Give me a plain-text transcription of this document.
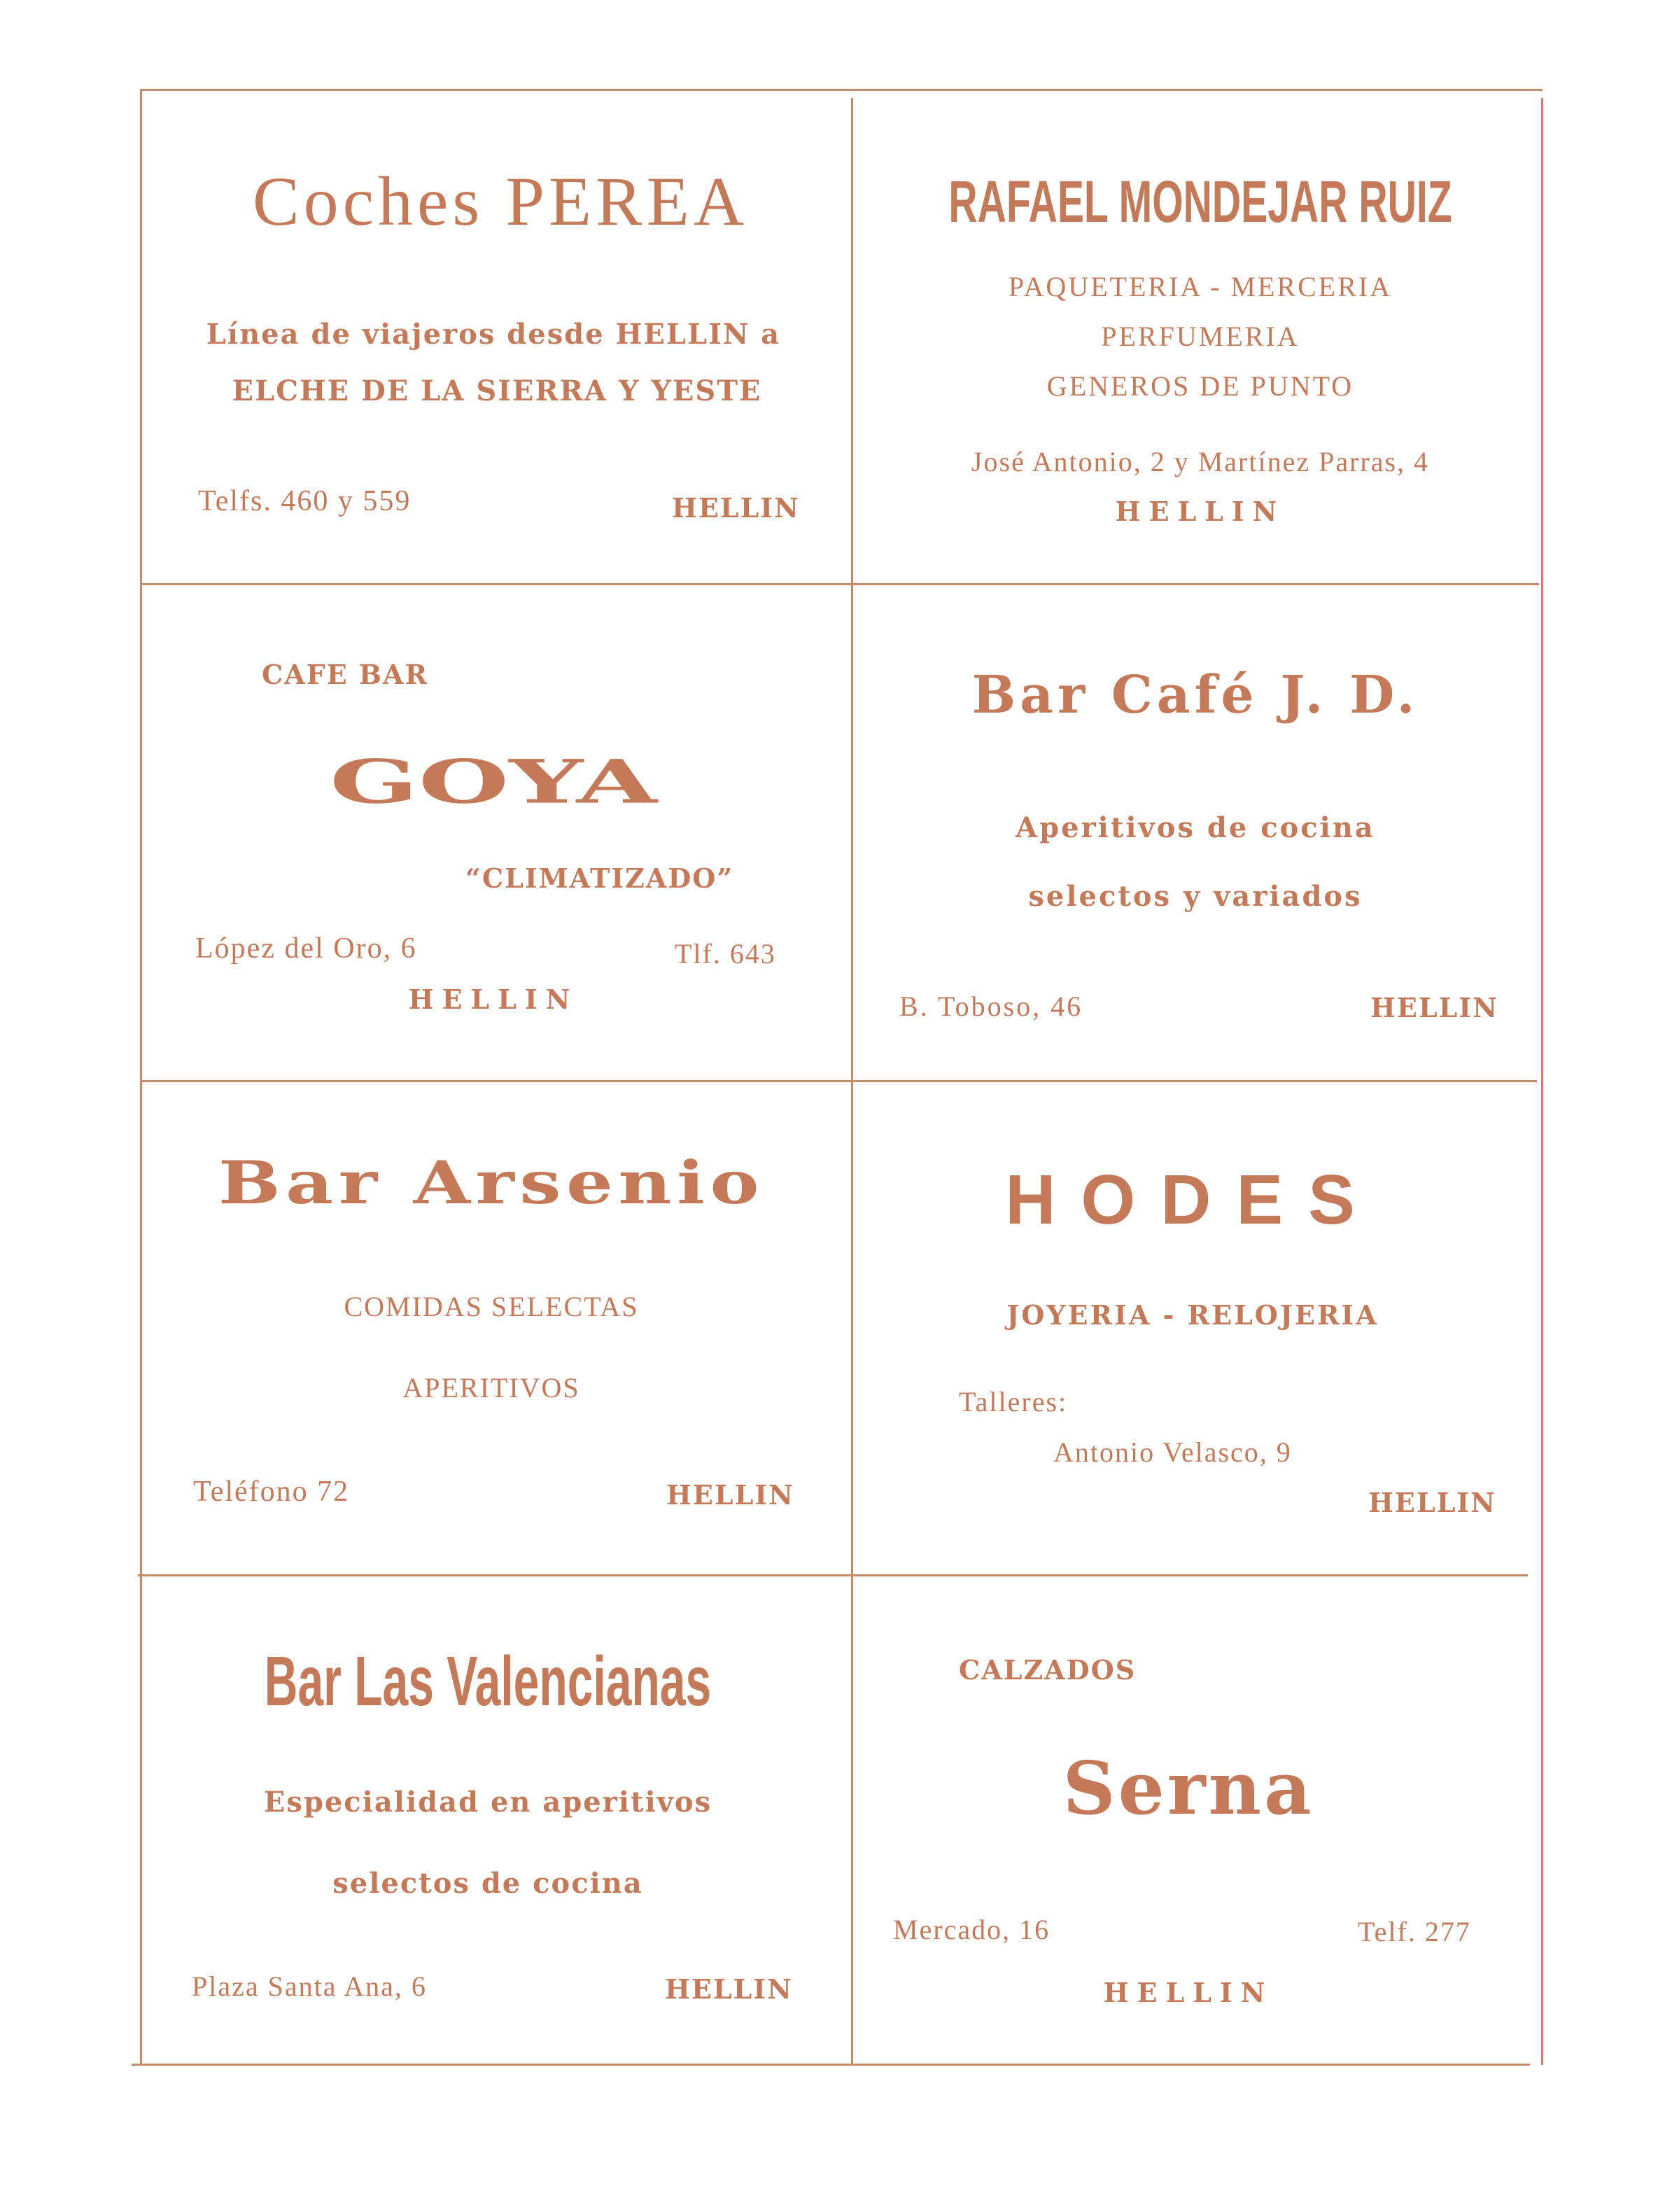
Coches PEREA
Línea de viajeros desde HELLIN a
ELCHE DE LA SIERRA Y YESTE
Telfs. 460 y 559	HELLIN
RAFAEL MONDEJAR RUIZ
PAQUETERIA - MERCERIA
PERFUMERIA
GENEROS DE PUNTO
José Antonio, 2 y Martínez Parras, 4
HELLIN
CAFE BAR
GOYA
“CLIMATIZADO”
López del Oro, 6	Tlf. 643
HELLIN
Bar Café J. D.
Aperitivos de cocina
selectos y variados
B. Toboso, 46	HELLIN
Bar Arsenio
COMIDAS SELECTAS
APERITIVOS
Teléfono 72	HELLIN
HODES
JOYERIA - RELOJERIA
Talleres:
Antonio Velasco, 9
HELLIN
Bar Las Valencianas
Especialidad en aperitivos
selectos de cocina
Plaza Santa Ana, 6	HELLIN
CALZADOS
Serna
Mercado, 16	Telf. 277
HELLIN
